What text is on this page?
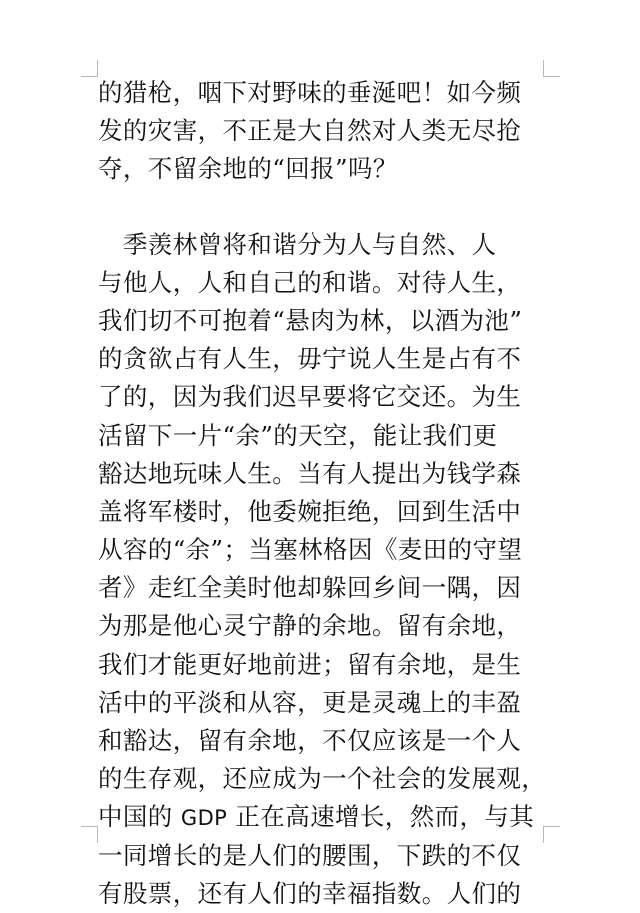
的猎枪，咽下对野味的垂涎吧！如今频
发的灾害，不正是大自然对人类无尽抢
夺，不留余地的“回报”吗？
　季羡林曾将和谐分为人与自然、人
与他人，人和自己的和谐。对待人生，
我们切不可抱着“悬肉为林，以酒为池”
的贪欲占有人生，毋宁说人生是占有不
了的，因为我们迟早要将它交还。为生
活留下一片“余”的天空，能让我们更
豁达地玩味人生。当有人提出为钱学森
盖将军楼时，他委婉拒绝，回到生活中
从容的“余”；当塞林格因《麦田的守望
者》走红全美时他却躲回乡间一隅，因
为那是他心灵宁静的余地。留有余地，
我们才能更好地前进；留有余地，是生
活中的平淡和从容，更是灵魂上的丰盈
和豁达，留有余地，不仅应该是一个人
的生存观，还应成为一个社会的发展观，
中国的 GDP 正在高速增长，然而，与其
一同增长的是人们的腰围，下跌的不仅
有股票，还有人们的幸福指数。人们的
